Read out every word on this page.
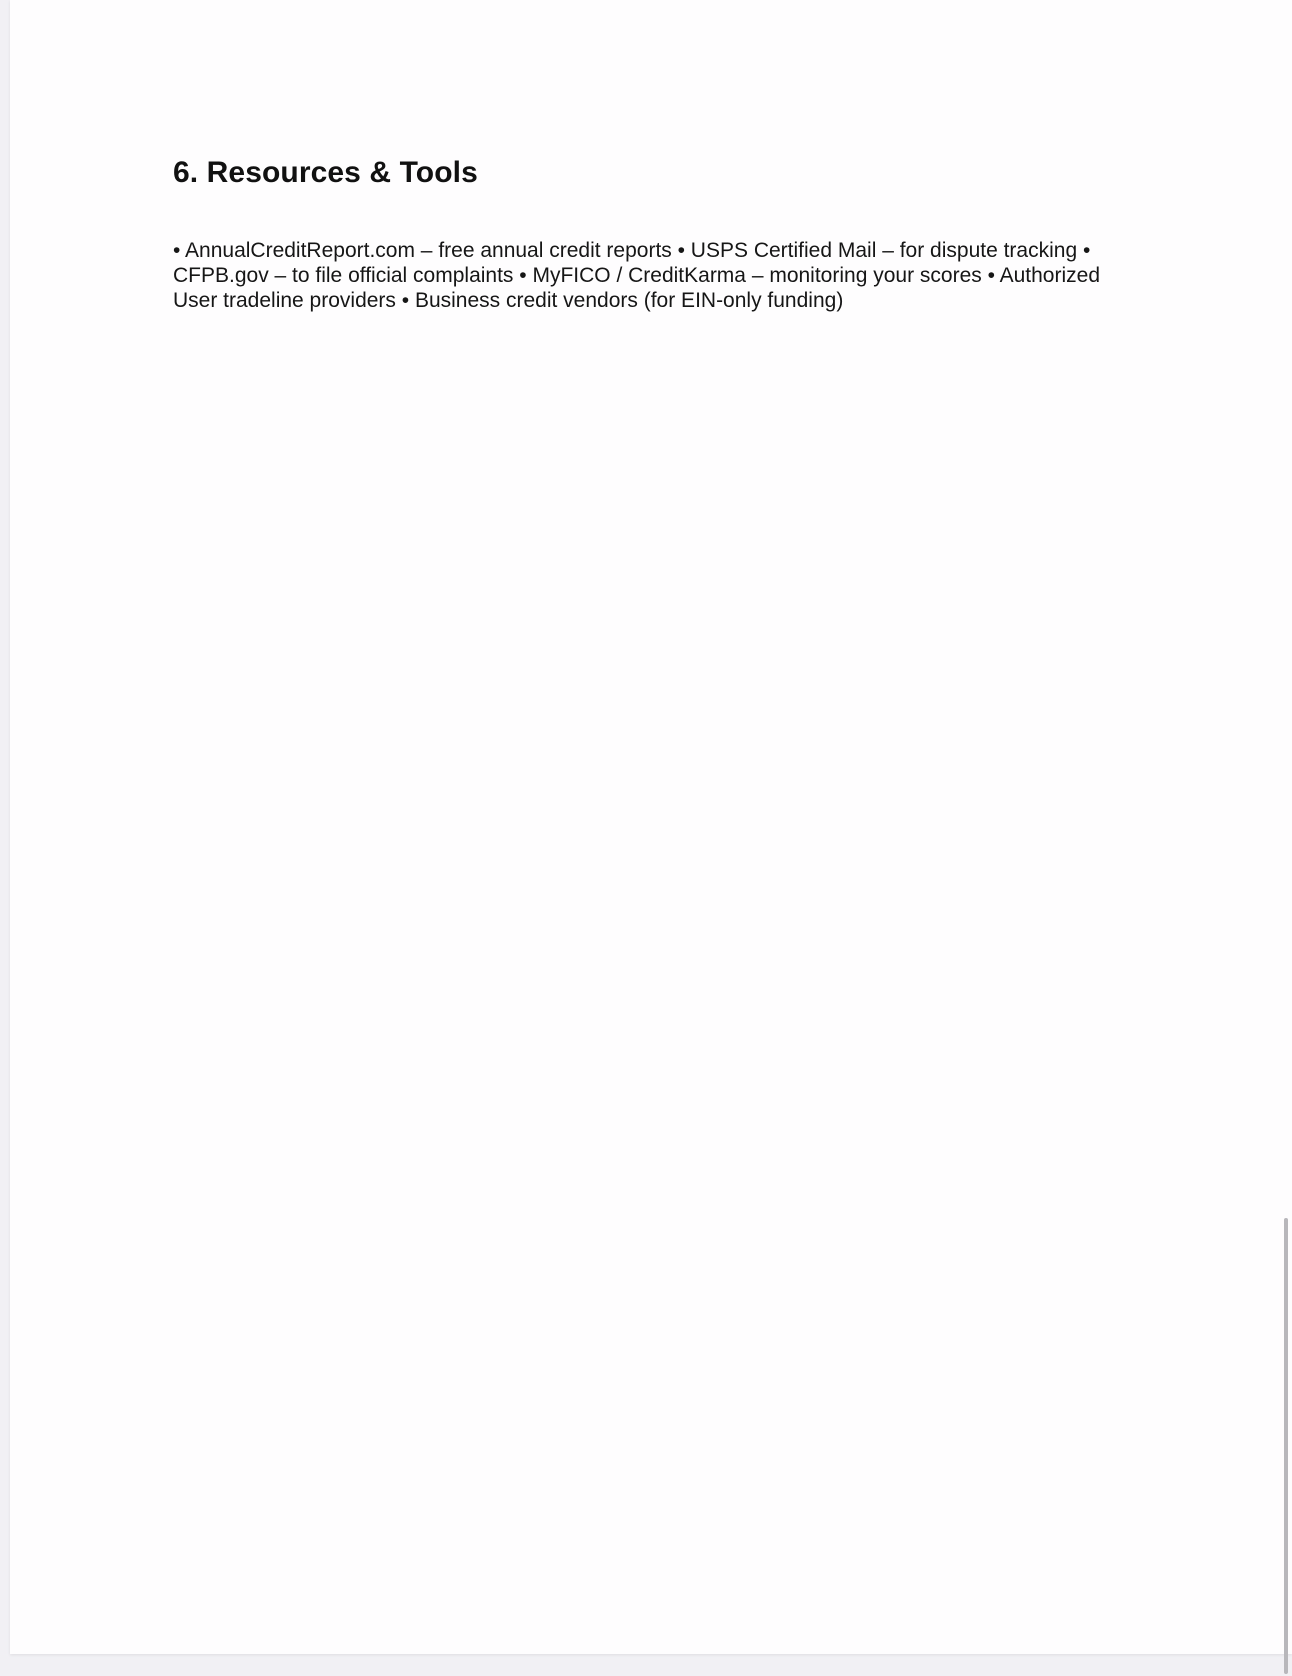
6. Resources & Tools

• AnnualCreditReport.com – free annual credit reports • USPS Certified Mail – for dispute tracking • CFPB.gov – to file official complaints • MyFICO / CreditKarma – monitoring your scores • Authorized User tradeline providers • Business credit vendors (for EIN-only funding)
